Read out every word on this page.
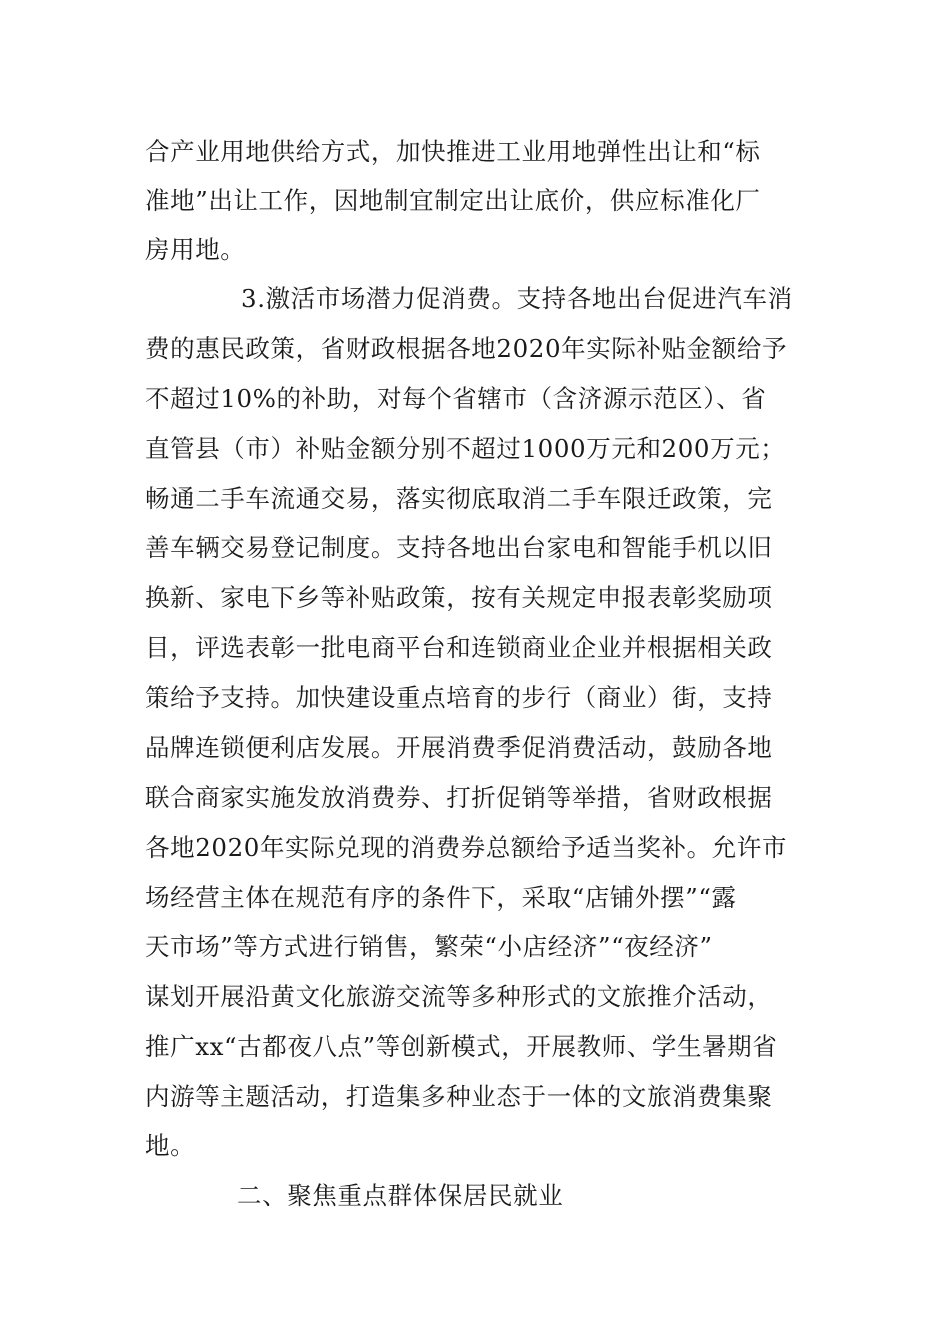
合产业用地供给方式，加快推进工业用地弹性出让和“标
准地”出让工作，因地制宜制定出让底价，供应标准化厂
房用地。
3.激活市场潜力促消费。支持各地出台促进汽车消
费的惠民政策，省财政根据各地2020年实际补贴金额给予
不超过10%的补助，对每个省辖市（含济源示范区）、省
直管县（市）补贴金额分别不超过1000万元和200万元；
畅通二手车流通交易，落实彻底取消二手车限迁政策，完
善车辆交易登记制度。支持各地出台家电和智能手机以旧
换新、家电下乡等补贴政策，按有关规定申报表彰奖励项
目，评选表彰一批电商平台和连锁商业企业并根据相关政
策给予支持。加快建设重点培育的步行（商业）街，支持
品牌连锁便利店发展。开展消费季促消费活动，鼓励各地
联合商家实施发放消费券、打折促销等举措，省财政根据
各地2020年实际兑现的消费券总额给予适当奖补。允许市
场经营主体在规范有序的条件下，采取“店铺外摆”“露
天市场”等方式进行销售，繁荣“小店经济”“夜经济”
谋划开展沿黄文化旅游交流等多种形式的文旅推介活动，
推广xx“古都夜八点”等创新模式，开展教师、学生暑期省
内游等主题活动，打造集多种业态于一体的文旅消费集聚
地。
二、聚焦重点群体保居民就业
